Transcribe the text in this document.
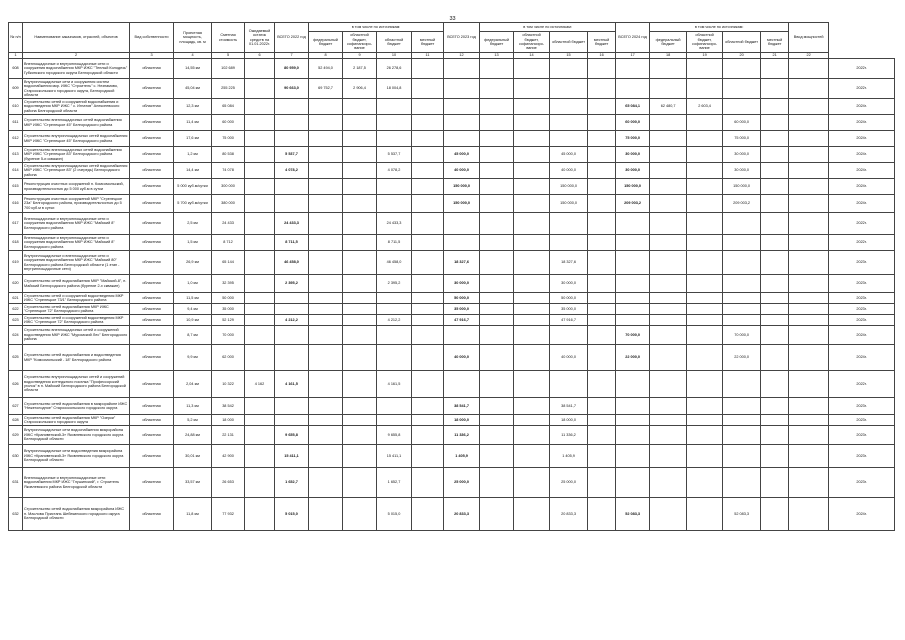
33
№ п/п	Наименование заказчиков, отраслей, объектов	Вид собственности	Проектная мощность, площадь, кв. м	Сметная стоимость	Ожидаемый остаток средств на 01.01.2022г.	ВСЕГО 2022 год	в том числе по источникам:				ВСЕГО 2023 год	в том числе по источникам:				ВСЕГО 2024 год	в том числе по источникам:				Ввод мощностей	
							федеральный бюджет	областной бюджет, софинансиро-вание	областной бюджет	местный бюджет		федеральный бюджет	областной бюджет, софинансиро-вание	областной бюджет	местный бюджет		федеральный бюджет	областной бюджет, софинансиро-вание	областной бюджет	местный бюджет		
1	2	3	4	5	6	7	8	9	10	11	12	13	14	15	16	17	18	19	20	21	22	
608	Внеплощадочные и внутриплощадочные сети и сооружения водоснабжения МКР ИЖС "Теплый Колодезь" Губкинского городского округа Белгородской области	областная	14,55 км	102 689		80 959,0	52 494,0	2 187,5	26 278,6													2022г.
609	Внутриплощадочные сети и сооружения систем водоснабжения мкр. ИЖС "Строитель" с. Незнамово, Старооскольского городского округа, Белгородской области	областная	45,04 км	255 225		90 663,0	69 752,7	2 906,4	18 004,8													2022г.
610	Строительство сетей и сооружений водоснабжения и водоотведения МКР ИЖС " с. Игнатов" Алексеевского района Белгородской области	областная	12,3 км	65 084												65 084,1	62 480,7	2 603,4				2024г.
611	Строительство внеплощадочных сетей водоснабжения МКР ИЖС "Стрелецкое 45" Белгородского района	областная	11,4 км	60 000												60 000,0			60 000,0			2024г.
612	Строительство внутриплощадочных сетей водоснабжения МКР ИЖС "Стрелецкое 45" Белгородского района	областная	17,6 км	75 000												75 000,0			75 000,0			2024г.
613	Строительство внеплощадочных сетей водоснабжения МКР ИЖС "Стрелецкое 83" Белгородского района (бурение 5-и скважин)	областная	1,2 км	80 538		5 537,7			5 537,7		45 000,0			45 000,0		30 000,0			30 000,0			2024г.
614	Строительство внутриплощадочных сетей водоснабжения МКР ИЖС "Стрелецкое 83" (2 очередь) Белгородского района	областная	14,4 км	74 078		4 078,2			4 078,2		40 000,0			40 000,0		30 000,0			30 000,0			2024г.
615	Реконструкция очистных сооружений п. Комсомольский, производительностью до 5 000 куб.м в сутки	областная	5 000 куб.м/сутки	300 000							150 000,0			150 000,0		150 000,0			150 000,0			2024г.
616	Реконструкция очистных сооружений МКР "Стрелецкое 23а" Белгородского района, производительностью до 5 700 куб.м в сутки	областная	5 700 куб.м/сутки	380 000							150 000,0			150 000,0		209 003,2			209 003,2			2024г.
617	Внеплощадочные и внутриплощадочные сети и сооружения водоснабжения МКР ИЖС "Майский 8" Белгородского района	областная	2,5 км	24 433		24 433,3			24 433,3													2022г.
618	Внеплощадочные и внутриплощадочные сети и сооружения водоснабжения МКР ИЖС "Майский 8" Белгородского района	областная	1,5 км	8 712		8 711,5			8 711,5													2022г.
619	Внутриплощадочные и внеплощадочные сети и сооружения водоснабжения МКР ИЖС "Майский 80" Белгородского района Белгородской области (1 этап - внутриплощадочные сети)	областная	26,9 км	65 144		46 458,0			46 458,0		18 327,6			18 327,6								2023г.
620	Строительство сетей водоснабжения МКР "Майский-8", п. Майский Белгородского района (бурение 2-х скважин)	областная	1,0 км	32 395		2 395,2			2 395,2		30 000,0			30 000,0								2023г.
621	Строительство сетей и сооружений водоотведения МКР ИЖС "Стрелецкое 73/1" Белгородского района	областная	11,5 км	50 000							50 000,0			50 000,0								2023г.
622	Строительство сетей водоснабжения МКР ИЖС "Стрелецкое 72" Белгородского района	областная	9,4 км	35 000							35 000,0			35 000,0								2023г.
623	Строительство сетей и сооружений водоотведения МКР ИЖС "Стрелецкое 72" Белгородского района	областная	10,9 км	52 129		4 212,2			4 212,2		47 916,7			47 916,7								2023г.
624	Строительство внеплощадочных сетей и сооружений водоотведения МКР ИЖС "Муромский Лес" Белгородского района	областная	8,7 км	70 000												70 000,0			70 000,0			2024г.
625	Строительство сетей водоснабжения и водоотведения МКР "Комсомольский - 18" Белгородского района	областная	9,9 км	62 000							40 000,0			40 000,0		22 000,0			22 000,0			2024г.
626	Строительство внутриплощадочных сетей и сооружений водоотведения коттеджного поселка "Профессорский уголок" в п. Майский Белгородского района Белгородской области	областная	2,04 км	10 322	4 162	4 161,5			4 161,5													2022г.
627	Строительство сетей водоснабжения в микрорайоне ИЖС "Нежеголодное" Старооскольского городского округа	областная	11,3 км	38 542							38 541,7			38 541,7								2023г.
628	Строительство сетей водоснабжения МКР "Озерки" Старооскольского городского округа	областная	5,2 км	18 000							18 000,0			18 000,0								2023г.
629	Внутриплощадочные сети водоснабжения микрорайона ИЖС «Крапивенский-3» Яковлевского городского округа Белгородской области	областная	24,88 км	22 131		9 655,8			9 655,8		11 336,2			11 336,2								2023г.
630	Внутриплощадочные сети водоотведения микрорайона ИЖС «Крапивенский-3» Яковлевского городского округа Белгородской области	областная	30,01 км	42 900		15 411,1			15 411,1		1 405,9			1 405,9								2023г.
631	Внеплощадочные и внутриплощадочные сети водоснабжения МКР ИЖС "Глушинский", г. Строитель Яковлевского района Белгородской области	областная	33,57 км	26 653		1 652,7			1 652,7		25 000,0			25 000,0								2023г.
632	Строительство сетей водоснабжения микрорайона ИЖС п. Маслова Пристань Шебекинского городского округа Белгородской области	областная	11,8 км	77 932		5 015,0			5 015,0		20 833,3			20 833,3		52 083,3			52 083,3			2024г.
